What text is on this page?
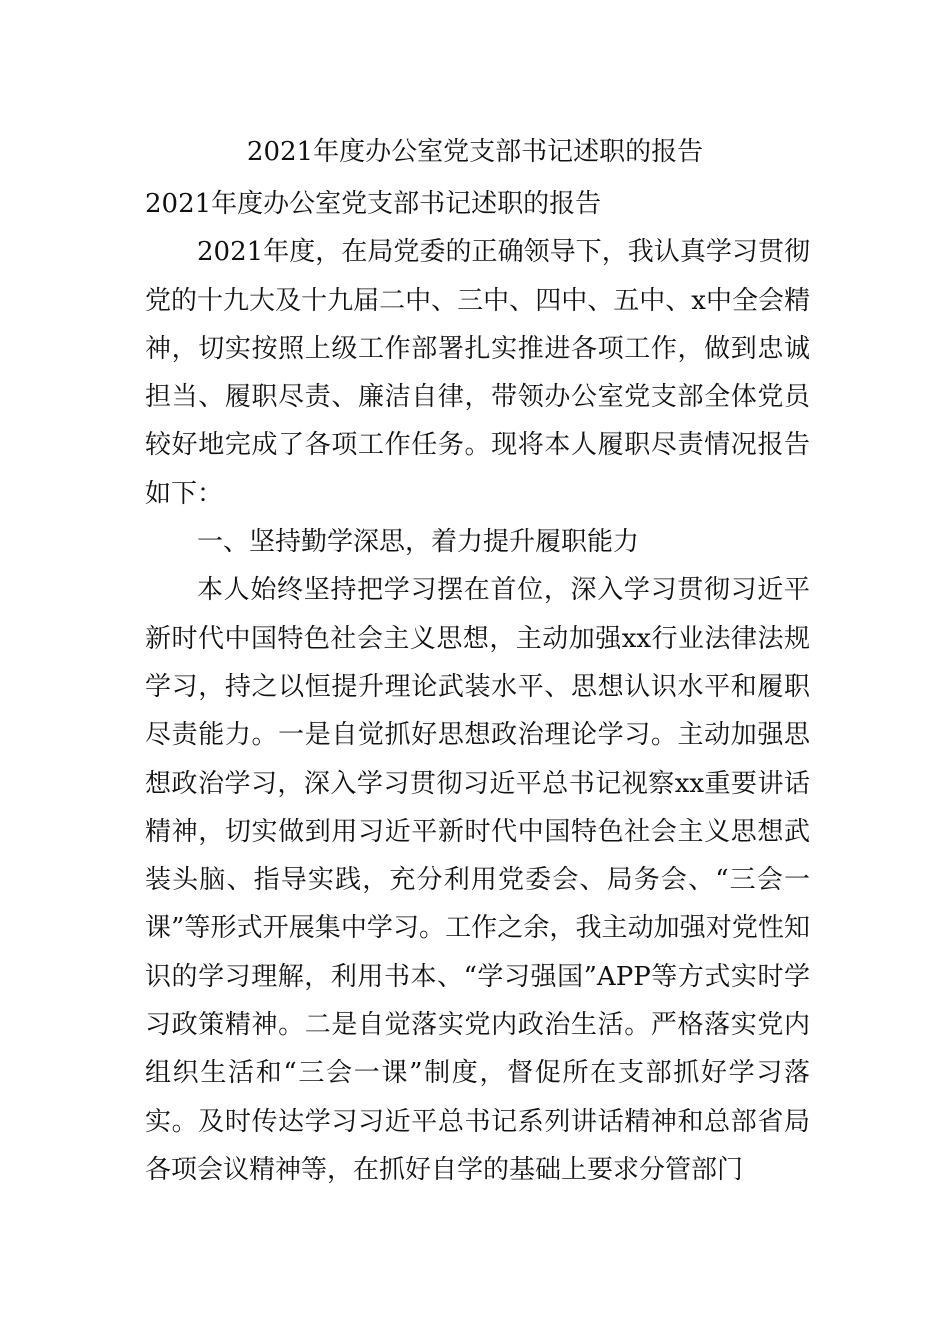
2021年度办公室党支部书记述职的报告

2021年度办公室党支部书记述职的报告

2021年度，在局党委的正确领导下，我认真学习贯彻党的十九大及十九届二中、三中、四中、五中、x中全会精神，切实按照上级工作部署扎实推进各项工作，做到忠诚担当、履职尽责、廉洁自律，带领办公室党支部全体党员较好地完成了各项工作任务。现将本人履职尽责情况报告如下：

一、坚持勤学深思，着力提升履职能力

本人始终坚持把学习摆在首位，深入学习贯彻习近平新时代中国特色社会主义思想，主动加强xx行业法律法规学习，持之以恒提升理论武装水平、思想认识水平和履职尽责能力。一是自觉抓好思想政治理论学习。主动加强思想政治学习，深入学习贯彻习近平总书记视察xx重要讲话精神，切实做到用习近平新时代中国特色社会主义思想武装头脑、指导实践，充分利用党委会、局务会、“三会一课”等形式开展集中学习。工作之余，我主动加强对党性知识的学习理解，利用书本、“学习强国”APP等方式实时学习政策精神。二是自觉落实党内政治生活。严格落实党内组织生活和“三会一课”制度，督促所在支部抓好学习落实。及时传达学习习近平总书记系列讲话精神和总部省局各项会议精神等，在抓好自学的基础上要求分管部门
